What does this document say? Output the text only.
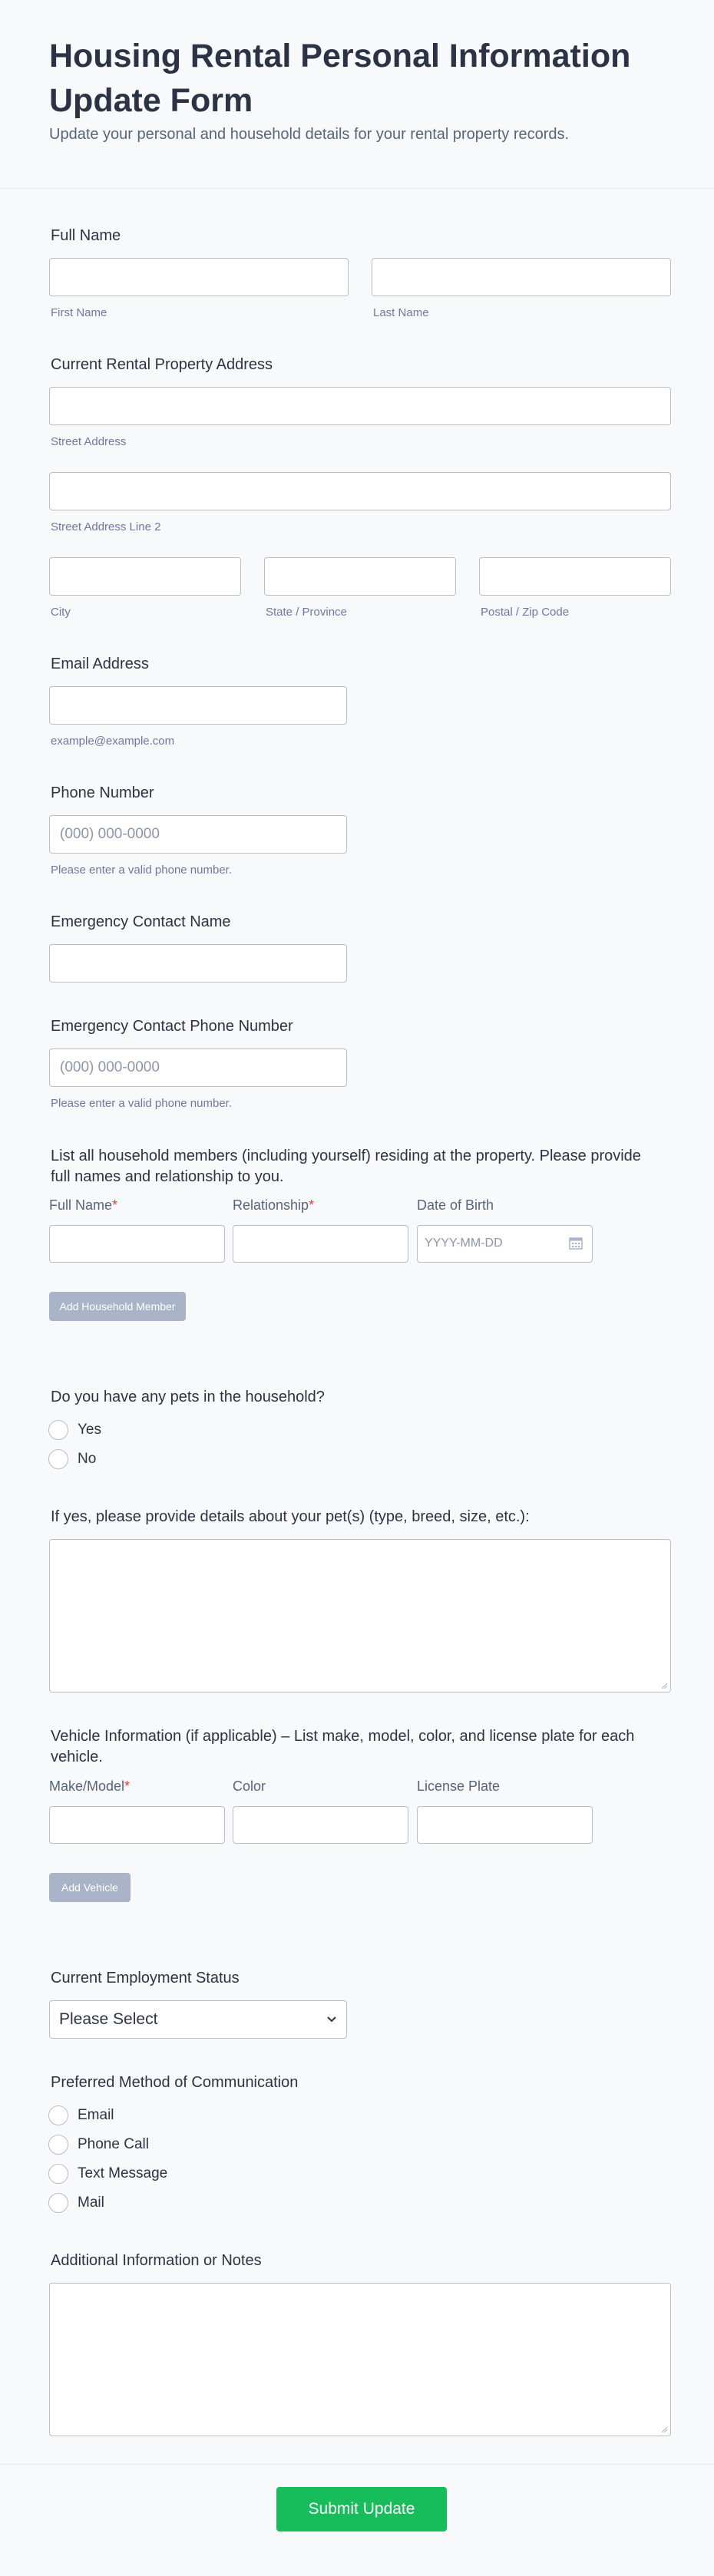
Housing Rental Personal Information Update Form

Update your personal and household details for your rental property records.

Full Name
First Name	Last Name
Current Rental Property Address
Street Address
Street Address Line 2
City	State / Province	Postal / Zip Code
Email Address
example@example.com
Phone Number
(000) 000-0000
Please enter a valid phone number.
Emergency Contact Name
Emergency Contact Phone Number
(000) 000-0000
Please enter a valid phone number.
List all household members (including yourself) residing at the property. Please provide full names and relationship to you.
Full Name*	Relationship*	Date of Birth
YYYY-MM-DD
Add Household Member
Do you have any pets in the household?
Yes
No
If yes, please provide details about your pet(s) (type, breed, size, etc.):
Vehicle Information (if applicable) – List make, model, color, and license plate for each vehicle.
Make/Model*	Color	License Plate
Add Vehicle
Current Employment Status
Please Select
Preferred Method of Communication
Email
Phone Call
Text Message
Mail
Additional Information or Notes
Submit Update
